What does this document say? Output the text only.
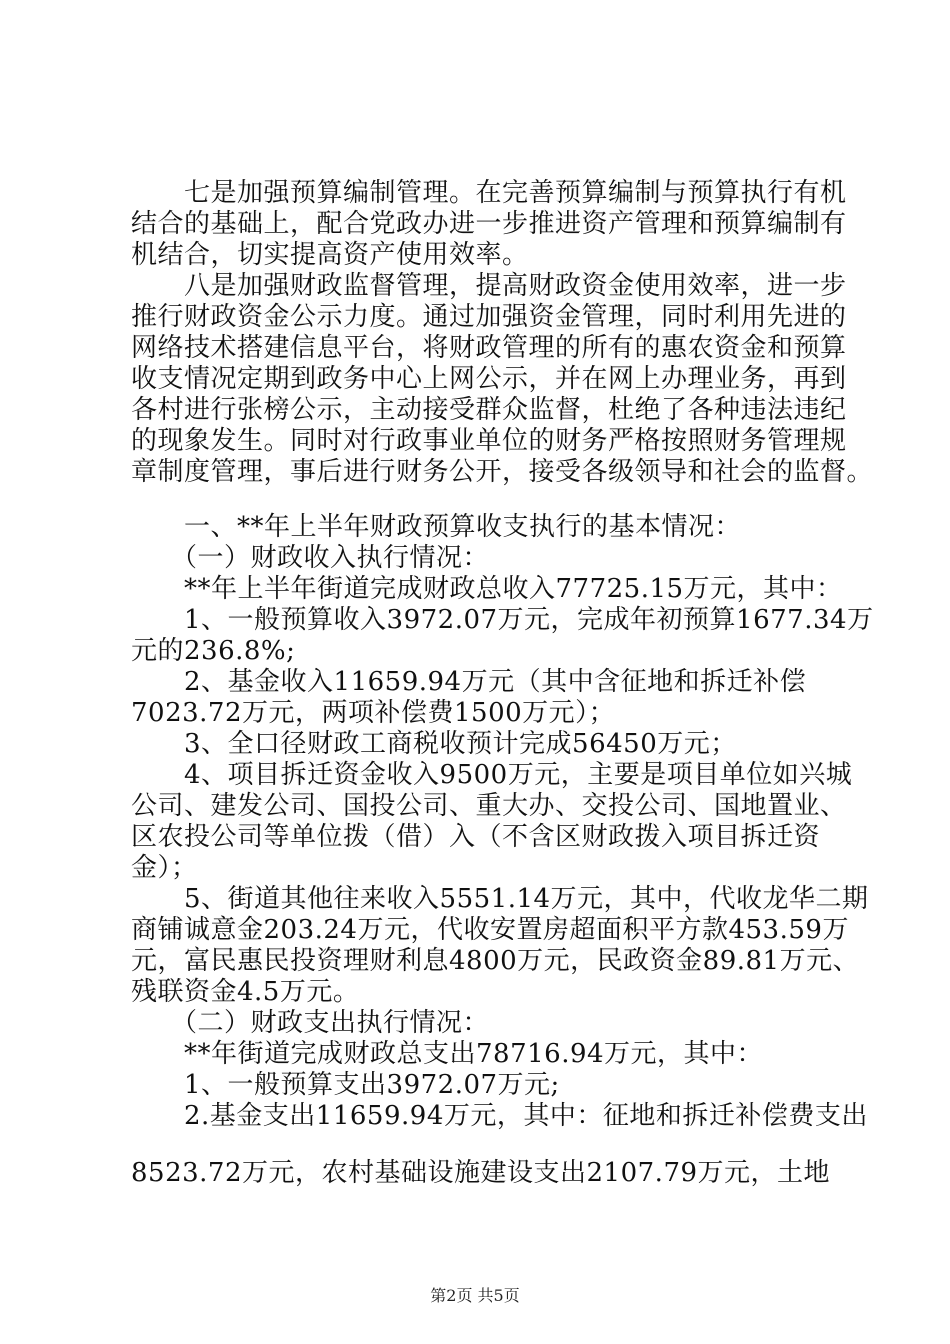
　　七是加强预算编制管理。在完善预算编制与预算执行有机
结合的基础上，配合党政办进一步推进资产管理和预算编制有
机结合，切实提高资产使用效率。
　　八是加强财政监督管理，提高财政资金使用效率，进一步
推行财政资金公示力度。通过加强资金管理，同时利用先进的
网络技术搭建信息平台，将财政管理的所有的惠农资金和预算
收支情况定期到政务中心上网公示，并在网上办理业务，再到
各村进行张榜公示，主动接受群众监督，杜绝了各种违法违纪
的现象发生。同时对行政事业单位的财务严格按照财务管理规
章制度管理，事后进行财务公开，接受各级领导和社会的监督。
　　一、**年上半年财政预算收支执行的基本情况：
　　（一）财政收入执行情况：
　　**年上半年街道完成财政总收入77725.15万元，其中：
　　1、一般预算收入3972.07万元，完成年初预算1677.34万
元的236.8%;
　　2、基金收入11659.94万元（其中含征地和拆迁补偿
7023.72万元，两项补偿费1500万元）；
　　3、全口径财政工商税收预计完成56450万元；
　　4、项目拆迁资金收入9500万元，主要是项目单位如兴城
公司、建发公司、国投公司、重大办、交投公司、国地置业、
区农投公司等单位拨（借）入（不含区财政拨入项目拆迁资
金）；
　　5、街道其他往来收入5551.14万元，其中，代收龙华二期
商铺诚意金203.24万元，代收安置房超面积平方款453.59万
元，富民惠民投资理财利息4800万元，民政资金89.81万元、
残联资金4.5万元。
　　（二）财政支出执行情况：
　　**年街道完成财政总支出78716.94万元，其中：
　　1、一般预算支出3972.07万元;
　　2.基金支出11659.94万元，其中：征地和拆迁补偿费支出
8523.72万元，农村基础设施建设支出2107.79万元，土地
第2页 共5页
